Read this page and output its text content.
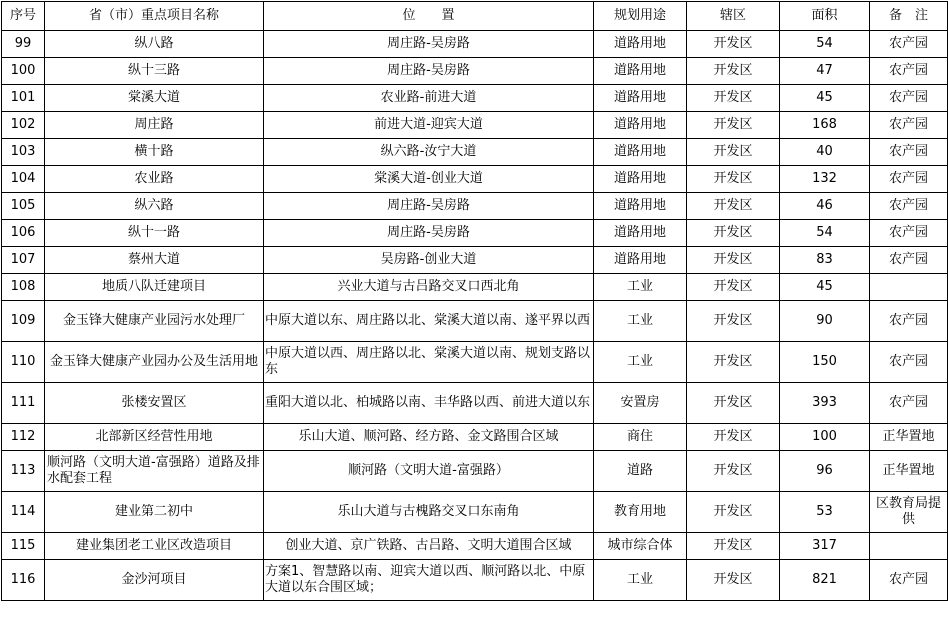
序号	省（市）重点项目名称	位　　置	规划用途	辖区	面积	备　注
99	纵八路	周庄路-吴房路	道路用地	开发区	54	农产园
100	纵十三路	周庄路-吴房路	道路用地	开发区	47	农产园
101	棠溪大道	农业路-前进大道	道路用地	开发区	45	农产园
102	周庄路	前进大道-迎宾大道	道路用地	开发区	168	农产园
103	横十路	纵六路-汝宁大道	道路用地	开发区	40	农产园
104	农业路	棠溪大道-创业大道	道路用地	开发区	132	农产园
105	纵六路	周庄路-吴房路	道路用地	开发区	46	农产园
106	纵十一路	周庄路-吴房路	道路用地	开发区	54	农产园
107	蔡州大道	吴房路-创业大道	道路用地	开发区	83	农产园
108	地质八队迁建项目	兴业大道与古吕路交叉口西北角	工业	开发区	45	
109	金玉锋大健康产业园污水处理厂	中原大道以东、周庄路以北、棠溪大道以南、遂平界以西	工业	开发区	90	农产园
110	金玉锋大健康产业园办公及生活用地	中原大道以西、周庄路以北、棠溪大道以南、规划支路以东	工业	开发区	150	农产园
111	张楼安置区	重阳大道以北、柏城路以南、丰华路以西、前进大道以东	安置房	开发区	393	农产园
112	北部新区经营性用地	乐山大道、顺河路、经方路、金文路围合区域	商住	开发区	100	正华置地
113	顺河路（文明大道-富强路）道路及排水配套工程	顺河路（文明大道-富强路）	道路	开发区	96	正华置地
114	建业第二初中	乐山大道与古槐路交叉口东南角	教育用地	开发区	53	区教育局提供
115	建业集团老工业区改造项目	创业大道、京广铁路、古吕路、文明大道围合区域	城市综合体	开发区	317	
116	金沙河项目	方案1、智慧路以南、迎宾大道以西、顺河路以北、中原大道以东合围区域；	工业	开发区	821	农产园
